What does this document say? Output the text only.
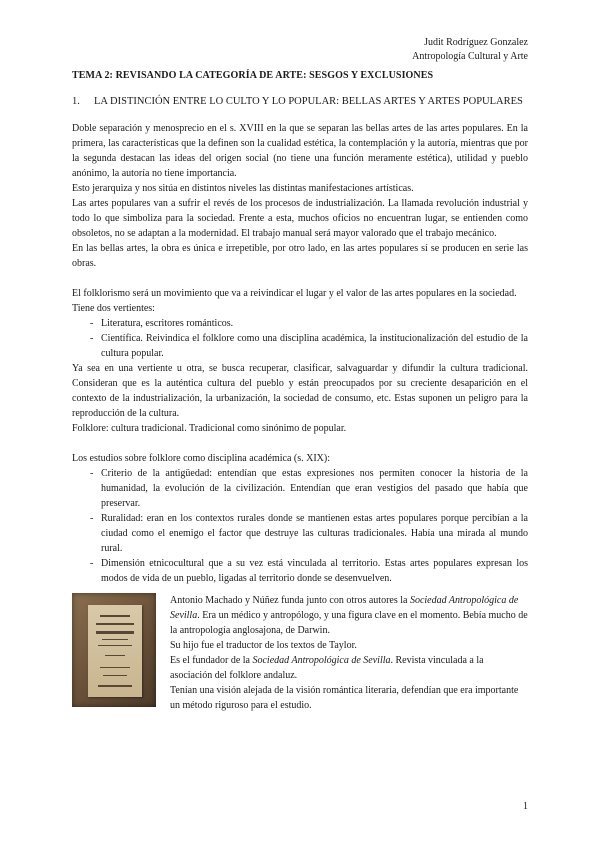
Judit Rodríguez Gonzalez
Antropología Cultural y Arte
TEMA 2: REVISANDO LA CATEGORÍA DE ARTE: SESGOS Y EXCLUSIONES
1.	LA DISTINCIÓN ENTRE LO CULTO Y LO POPULAR: BELLAS ARTES Y ARTES POPULARES

Doble separación y menosprecio en el s. XVIII en la que se separan las bellas artes de las artes populares. En la primera, las características que la definen son la cualidad estética, la contemplación y la autoría, mientras que por la segunda destacan las ideas del origen social (no tiene una función meramente estética), utilidad y pueblo anónimo, la autoría no tiene importancia.

Esto jerarquiza y nos sitúa en distintos niveles las distintas manifestaciones artísticas.

Las artes populares van a sufrir el revés de los procesos de industrialización. La llamada revolución industrial y todo lo que simboliza para la sociedad. Frente a esta, muchos oficios no encuentran lugar, se entienden como obsoletos, no se adaptan a la modernidad. El trabajo manual será mayor valorado que el trabajo mecánico.

En las bellas artes, la obra es única e irrepetible, por otro lado, en las artes populares sí se producen en serie las obras.

El folklorismo será un movimiento que va a reivindicar el lugar y el valor de las artes populares en la sociedad.

Tiene dos vertientes:

- Literatura, escritores románticos.
- Científica. Reivindica el folklore como una disciplina académica, la institucionalización del estudio de la cultura popular.

Ya sea en una vertiente u otra, se busca recuperar, clasificar, salvaguardar y difundir la cultura tradicional. Consideran que es la auténtica cultura del pueblo y están preocupados por su creciente desaparición en el contexto de la industrialización, la urbanización, la sociedad de consumo, etc. Estas suponen un peligro para la reproducción de la cultura.

Folklore: cultura tradicional. Tradicional como sinónimo de popular.

Los estudios sobre folklore como disciplina académica (s. XIX):

- Criterio de la antigüedad: entendían que estas expresiones nos permiten conocer la historia de la humanidad, la evolución de la civilización. Entendían que eran vestigios del pasado que había que preservar.
- Ruralidad: eran en los contextos rurales donde se mantienen estas artes populares porque percibían a la ciudad como el enemigo el factor que destruye las culturas tradicionales. Había una mirada al mundo rural.
- Dimensión etnicocultural que a su vez está vinculada al territorio. Estas artes populares expresan los modos de vida de un pueblo, ligadas al territorio donde se desenvuelven.

Antonio Machado y Núñez funda junto con otros autores la Sociedad Antropológica de Sevilla. Era un médico y antropólogo, y una figura clave en el momento. Bebía mucho de la antropología anglosajona, de Darwin.

Su hijo fue el traductor de los textos de Taylor.

Es el fundador de la Sociedad Antropológica de Sevilla. Revista vinculada a la asociación del folklore andaluz.

Tenían una visión alejada de la visión romántica literaria, defendían que era importante un método riguroso para el estudio.

1
